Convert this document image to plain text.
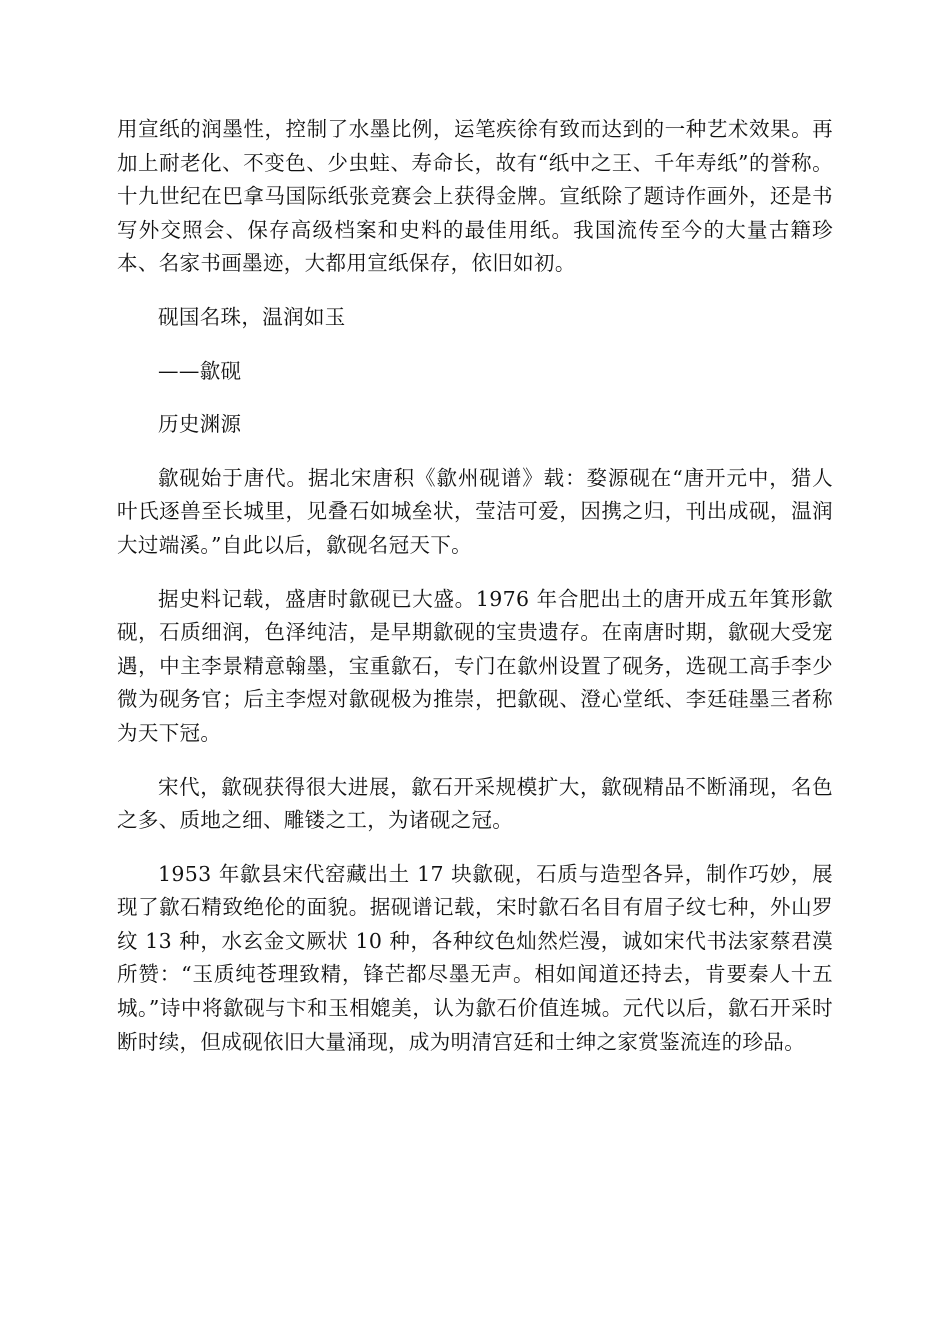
用宣纸的润墨性，控制了水墨比例，运笔疾徐有致而达到的一种艺术效果。再加上耐老化、不变色、少虫蛀、寿命长，故有“纸中之王、千年寿纸”的誉称。十九世纪在巴拿马国际纸张竞赛会上获得金牌。宣纸除了题诗作画外，还是书写外交照会、保存高级档案和史料的最佳用纸。我国流传至今的大量古籍珍本、名家书画墨迹，大都用宣纸保存，依旧如初。

砚国名珠，温润如玉

——歙砚

历史渊源

歙砚始于唐代。据北宋唐积《歙州砚谱》载：婺源砚在“唐开元中，猎人叶氏逐兽至长城里，见叠石如城垒状，莹洁可爱，因携之归，刊出成砚，温润大过端溪。”自此以后，歙砚名冠天下。

据史料记载，盛唐时歙砚已大盛。1976 年合肥出土的唐开成五年箕形歙砚，石质细润，色泽纯洁，是早期歙砚的宝贵遗存。在南唐时期，歙砚大受宠遇，中主李景精意翰墨，宝重歙石，专门在歙州设置了砚务，选砚工高手李少微为砚务官；后主李煜对歙砚极为推崇，把歙砚、澄心堂纸、李廷硅墨三者称为天下冠。

宋代，歙砚获得很大进展，歙石开采规模扩大，歙砚精品不断涌现，名色之多、质地之细、雕镂之工，为诸砚之冠。

1953 年歙县宋代窑藏出土 17 块歙砚，石质与造型各异，制作巧妙，展现了歙石精致绝伦的面貌。据砚谱记载，宋时歙石名目有眉子纹七种，外山罗纹 13 种，水玄金文厥状 10 种，各种纹色灿然烂漫，诚如宋代书法家蔡君漠所赞：“玉质纯苍理致精，锋芒都尽墨无声。相如闻道还持去，肯要秦人十五城。”诗中将歙砚与卞和玉相媲美，认为歙石价值连城。元代以后，歙石开采时断时续，但成砚依旧大量涌现，成为明清宫廷和士绅之家赏鉴流连的珍品。
